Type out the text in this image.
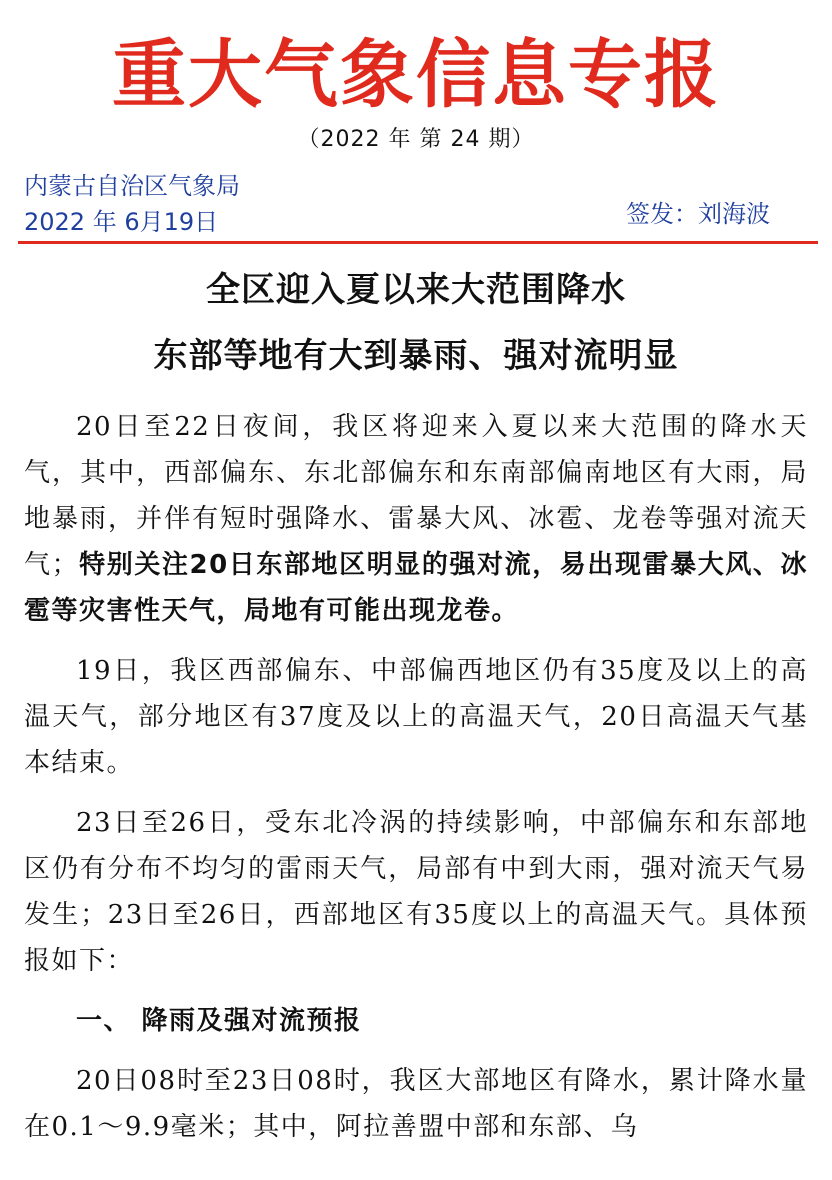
重大气象信息专报
（2022 年 第 24 期）
内蒙古自治区气象局
2022 年 6月19日	签发：刘海波
全区迎入夏以来大范围降水
东部等地有大到暴雨、强对流明显

20日至22日夜间，我区将迎来入夏以来大范围的降水天气，其中，西部偏东、东北部偏东和东南部偏南地区有大雨，局地暴雨，并伴有短时强降水、雷暴大风、冰雹、龙卷等强对流天气；特别关注20日东部地区明显的强对流，易出现雷暴大风、冰雹等灾害性天气，局地有可能出现龙卷。

19日，我区西部偏东、中部偏西地区仍有35度及以上的高温天气，部分地区有37度及以上的高温天气，20日高温天气基本结束。

23日至26日，受东北冷涡的持续影响，中部偏东和东部地区仍有分布不均匀的雷雨天气，局部有中到大雨，强对流天气易发生；23日至26日，西部地区有35度以上的高温天气。具体预报如下：

一、 降雨及强对流预报

20日08时至23日08时，我区大部地区有降水，累计降水量在0.1～9.9毫米；其中，阿拉善盟中部和东部、乌
